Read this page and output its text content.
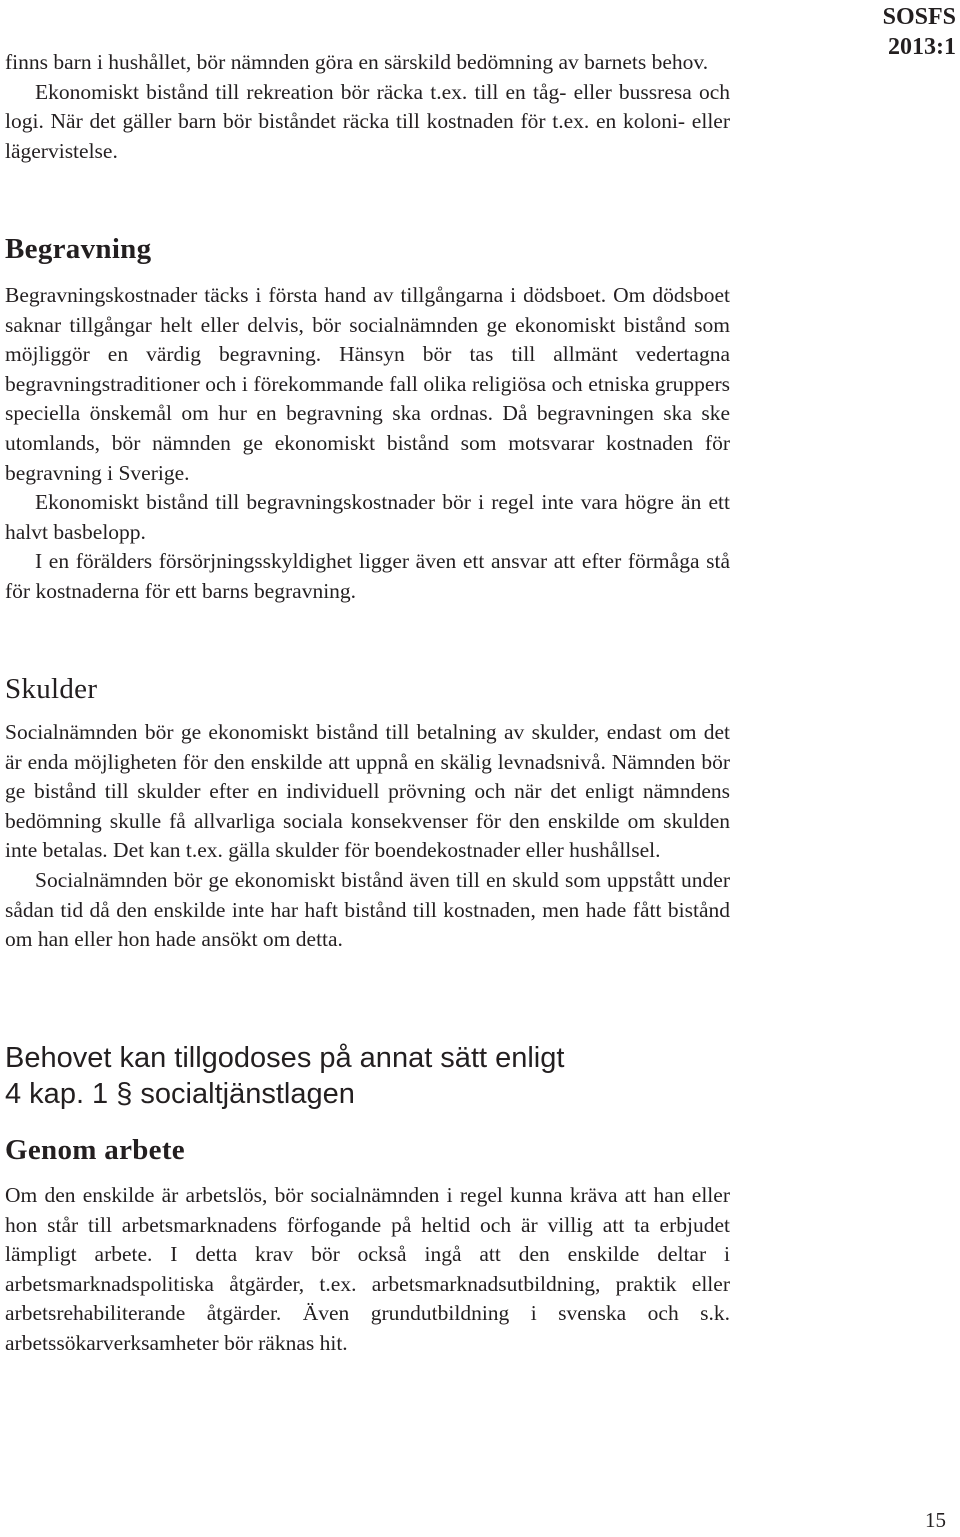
SOSFS
2013:1

finns barn i hushållet, bör nämnden göra en särskild bedömning av barnets behov.

Ekonomiskt bistånd till rekreation bör räcka t.ex. till en tåg- eller bussresa och logi. När det gäller barn bör biståndet räcka till kostnaden för t.ex. en koloni- eller lägervistelse.

Begravning

Begravningskostnader täcks i första hand av tillgångarna i dödsboet. Om dödsboet saknar tillgångar helt eller delvis, bör socialnämnden ge ekonomiskt bistånd som möjliggör en värdig begravning. Hänsyn bör tas till allmänt vedertagna begravningstraditioner och i förekommande fall olika religiösa och etniska gruppers speciella önskemål om hur en begravning ska ordnas. Då begravningen ska ske utomlands, bör nämnden ge ekonomiskt bistånd som motsvarar kostnaden för begravning i Sverige.

Ekonomiskt bistånd till begravningskostnader bör i regel inte vara högre än ett halvt basbelopp.

I en förälders försörjningsskyldighet ligger även ett ansvar att efter förmåga stå för kostnaderna för ett barns begravning.

Skulder

Socialnämnden bör ge ekonomiskt bistånd till betalning av skulder, endast om det är enda möjligheten för den enskilde att uppnå en skälig levnadsnivå. Nämnden bör ge bistånd till skulder efter en individuell prövning och när det enligt nämndens bedömning skulle få allvarliga sociala konsekvenser för den enskilde om skulden inte betalas. Det kan t.ex. gälla skulder för boendekostnader eller hushållsel.

Socialnämnden bör ge ekonomiskt bistånd även till en skuld som uppstått under sådan tid då den enskilde inte har haft bistånd till kostnaden, men hade fått bistånd om han eller hon hade ansökt om detta.

Behovet kan tillgodoses på annat sätt enligt
4 kap. 1 § socialtjänstlagen
Genom arbete

Om den enskilde är arbetslös, bör socialnämnden i regel kunna kräva att han eller hon står till arbetsmarknadens förfogande på heltid och är villig att ta erbjudet lämpligt arbete. I detta krav bör också ingå att den enskilde deltar i arbetsmarknadspolitiska åtgärder, t.ex. arbetsmarknadsutbildning, praktik eller arbetsrehabiliterande åtgärder. Även grundutbildning i svenska och s.k. arbetssökarverksamheter bör räknas hit.

15
